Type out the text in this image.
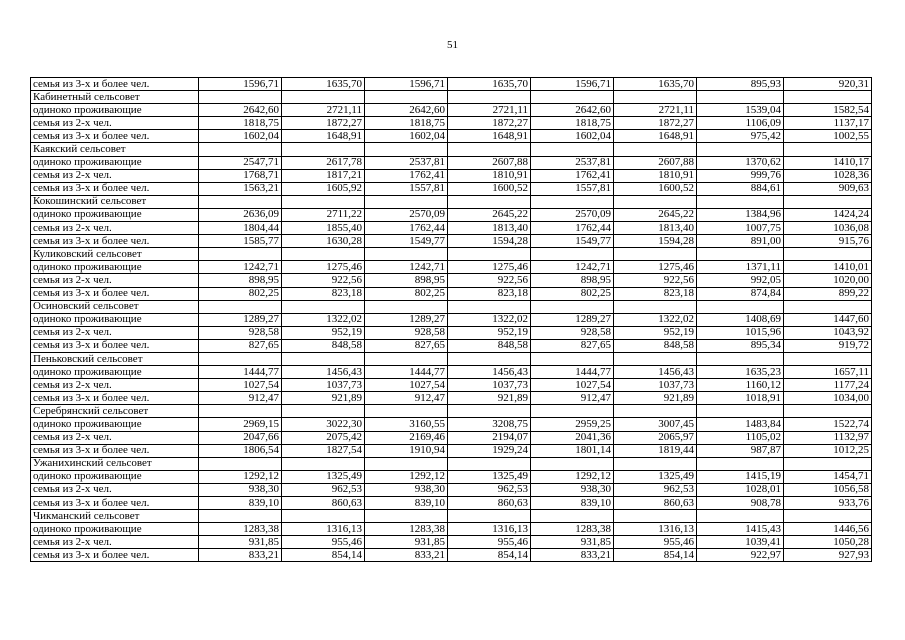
51
семья из 3-х и более чел.	1596,71	1635,70	1596,71	1635,70	1596,71	1635,70	895,93	920,31
Кабинетный сельсовет								
одиноко проживающие	2642,60	2721,11	2642,60	2721,11	2642,60	2721,11	1539,04	1582,54
семья из 2-х чел.	1818,75	1872,27	1818,75	1872,27	1818,75	1872,27	1106,09	1137,17
семья из 3-х и более чел.	1602,04	1648,91	1602,04	1648,91	1602,04	1648,91	975,42	1002,55
Каякский сельсовет								
одиноко проживающие	2547,71	2617,78	2537,81	2607,88	2537,81	2607,88	1370,62	1410,17
семья из 2-х чел.	1768,71	1817,21	1762,41	1810,91	1762,41	1810,91	999,76	1028,36
семья из 3-х и более чел.	1563,21	1605,92	1557,81	1600,52	1557,81	1600,52	884,61	909,63
Кокошинский сельсовет								
одиноко проживающие	2636,09	2711,22	2570,09	2645,22	2570,09	2645,22	1384,96	1424,24
семья из 2-х чел.	1804,44	1855,40	1762,44	1813,40	1762,44	1813,40	1007,75	1036,08
семья из 3-х и более чел.	1585,77	1630,28	1549,77	1594,28	1549,77	1594,28	891,00	915,76
Куликовский сельсовет								
одиноко проживающие	1242,71	1275,46	1242,71	1275,46	1242,71	1275,46	1371,11	1410,01
семья из 2-х чел.	898,95	922,56	898,95	922,56	898,95	922,56	992,05	1020,00
семья из 3-х и более чел.	802,25	823,18	802,25	823,18	802,25	823,18	874,84	899,22
Осиновский сельсовет								
одиноко проживающие	1289,27	1322,02	1289,27	1322,02	1289,27	1322,02	1408,69	1447,60
семья из 2-х чел.	928,58	952,19	928,58	952,19	928,58	952,19	1015,96	1043,92
семья из 3-х и более чел.	827,65	848,58	827,65	848,58	827,65	848,58	895,34	919,72
Пеньковский сельсовет								
одиноко проживающие	1444,77	1456,43	1444,77	1456,43	1444,77	1456,43	1635,23	1657,11
семья из 2-х чел.	1027,54	1037,73	1027,54	1037,73	1027,54	1037,73	1160,12	1177,24
семья из 3-х и более чел.	912,47	921,89	912,47	921,89	912,47	921,89	1018,91	1034,00
Серебрянский сельсовет								
одиноко проживающие	2969,15	3022,30	3160,55	3208,75	2959,25	3007,45	1483,84	1522,74
семья из 2-х чел.	2047,66	2075,42	2169,46	2194,07	2041,36	2065,97	1105,02	1132,97
семья из 3-х и более чел.	1806,54	1827,54	1910,94	1929,24	1801,14	1819,44	987,87	1012,25
Ужанихинский сельсовет								
одиноко проживающие	1292,12	1325,49	1292,12	1325,49	1292,12	1325,49	1415,19	1454,71
семья из 2-х чел.	938,30	962,53	938,30	962,53	938,30	962,53	1028,01	1056,58
семья из 3-х и более чел.	839,10	860,63	839,10	860,63	839,10	860,63	908,78	933,76
Чикманский сельсовет								
одиноко проживающие	1283,38	1316,13	1283,38	1316,13	1283,38	1316,13	1415,43	1446,56
семья из 2-х чел.	931,85	955,46	931,85	955,46	931,85	955,46	1039,41	1050,28
семья из 3-х и более чел.	833,21	854,14	833,21	854,14	833,21	854,14	922,97	927,93
